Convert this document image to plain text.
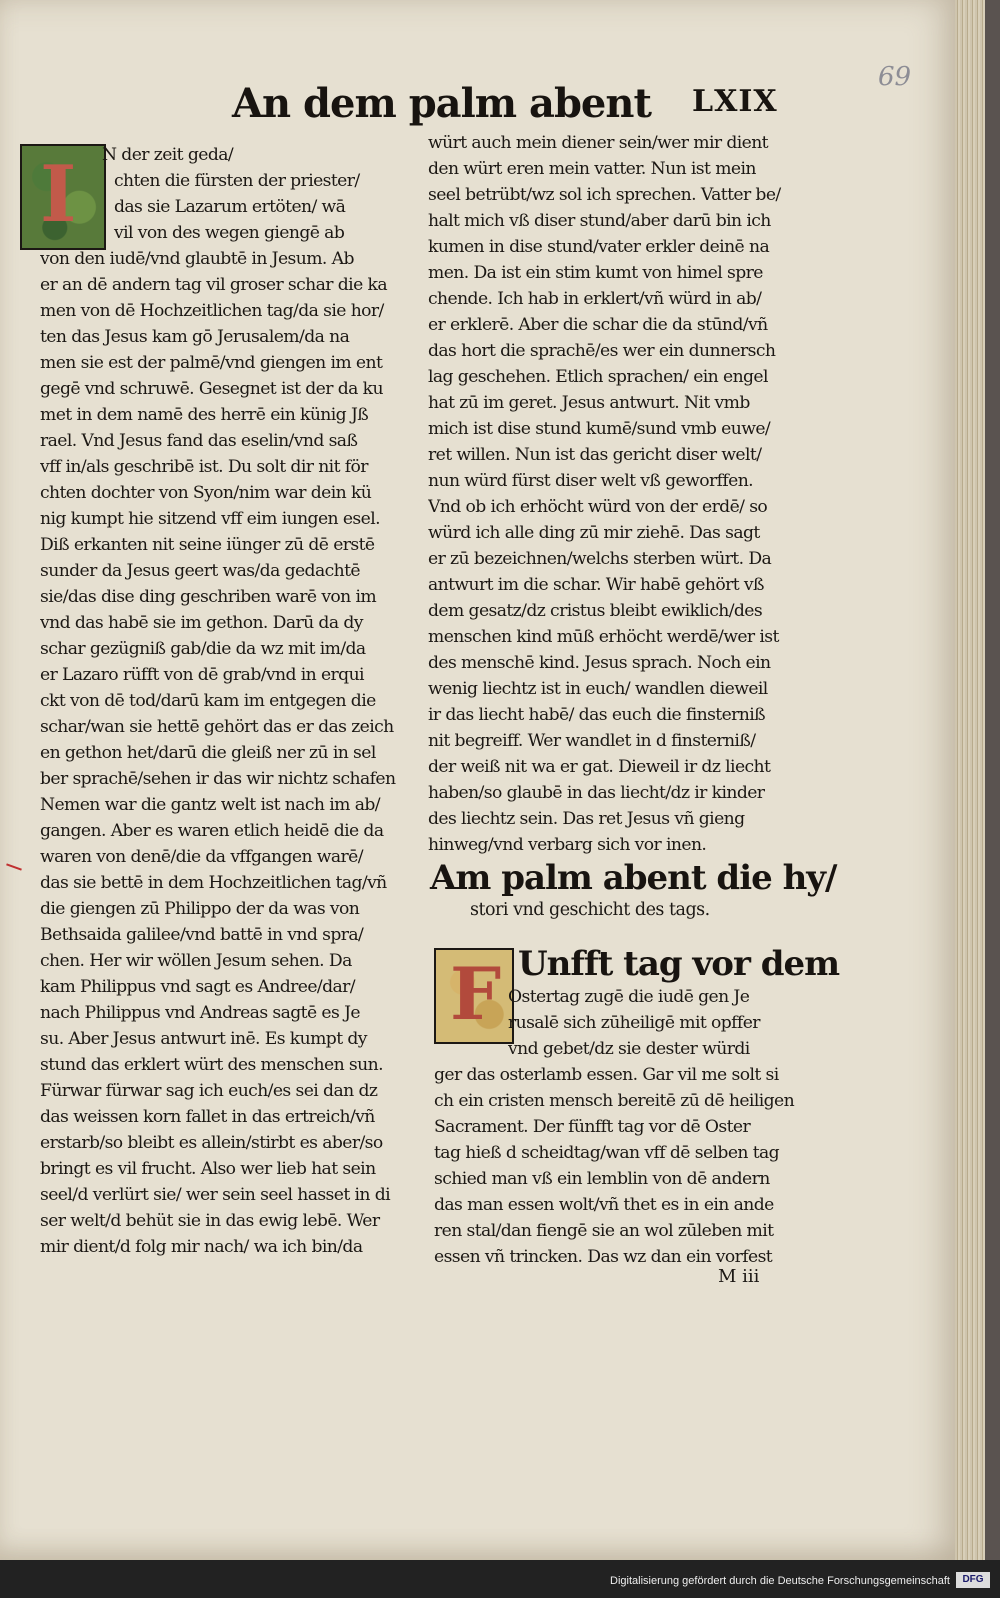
69
An dem palm abent LXIX
I	N der zeit geda/
chten die fürsten der priester/
das sie Lazarum ertöten/ wā
vil von des wegen giengē ab
von den iudē/vnd glaubtē in Jesum. Ab
er an dē andern tag vil groser schar die ka
men von dē Hochzeitlichen tag/da sie hor/
ten das Jesus kam gō Jerusalem/da na
men sie est der palmē/vnd giengen im ent
gegē vnd schruwē. Gesegnet ist der da ku
met in dem namē des herrē ein künig Jß
rael. Vnd Jesus fand das eselin/vnd saß
vff in/als geschribē ist. Du solt dir nit för
chten dochter von Syon/nim war dein kü
nig kumpt hie sitzend vff eim iungen esel.
Diß erkanten nit seine iünger zū dē erstē
sunder da Jesus geert was/da gedachtē
sie/das dise ding geschriben warē von im
vnd das habē sie im gethon. Darū da dy
schar gezügniß gab/die da wz mit im/da
er Lazaro rüfft von dē grab/vnd in erqui
ckt von dē tod/darū kam im entgegen die
schar/wan sie hettē gehört das er das zeich
en gethon het/darū die gleiß ner zū in sel
ber sprachē/sehen ir das wir nichtz schafen
Nemen war die gantz welt ist nach im ab/
gangen. Aber es waren etlich heidē die da
waren von denē/die da vffgangen warē/
das sie bettē in dem Hochzeitlichen tag/vñ
die giengen zū Philippo der da was von
Bethsaida galilee/vnd battē in vnd spra/
chen. Her wir wöllen Jesum sehen. Da
kam Philippus vnd sagt es Andree/dar/
nach Philippus vnd Andreas sagtē es Je
su. Aber Jesus antwurt inē. Es kumpt dy
stund das erklert würt des menschen sun.
Fürwar fürwar sag ich euch/es sei dan dz
das weissen korn fallet in das ertreich/vñ
erstarb/so bleibt es allein/stirbt es aber/so
bringt es vil frucht. Also wer lieb hat sein
seel/d verlürt sie/ wer sein seel hasset in di
ser welt/d behüt sie in das ewig lebē. Wer
mir dient/d folg mir nach/ wa ich bin/da
würt auch mein diener sein/wer mir dient
den würt eren mein vatter. Nun ist mein
seel betrübt/wz sol ich sprechen. Vatter be/
halt mich vß diser stund/aber darū bin ich
kumen in dise stund/vater erkler deinē na
men. Da ist ein stim kumt von himel spre
chende. Ich hab in erklert/vñ würd in ab/
er erklerē. Aber die schar die da stūnd/vñ
das hort die sprachē/es wer ein dunnersch
lag geschehen. Etlich sprachen/ ein engel
hat zū im geret. Jesus antwurt. Nit vmb
mich ist dise stund kumē/sund vmb euwe/
ret willen. Nun ist das gericht diser welt/
nun würd fürst diser welt vß geworffen.
Vnd ob ich erhöcht würd von der erdē/ so
würd ich alle ding zū mir ziehē. Das sagt
er zū bezeichnen/welchs sterben würt. Da
antwurt im die schar. Wir habē gehört vß
dem gesatz/dz cristus bleibt ewiklich/des
menschen kind mūß erhöcht werdē/wer ist
des menschē kind. Jesus sprach. Noch ein
wenig liechtz ist in euch/ wandlen dieweil
ir das liecht habē/ das euch die finsterniß
nit begreiff. Wer wandlet in d finsterniß/
der weiß nit wa er gat. Dieweil ir dz liecht
haben/so glaubē in das liecht/dz ir kinder
des liechtz sein. Das ret Jesus vñ gieng
hinweg/vnd verbarg sich vor inen.
Am palm abent die hy/
stori vnd geschicht des tags.
F Unfft tag vor dem
Ostertag zugē die iudē gen Je
rusalē sich zūheiligē mit opffer
vnd gebet/dz sie dester würdi
ger das osterlamb essen. Gar vil me solt si
ch ein cristen mensch bereitē zū dē heiligen
Sacrament. Der fünfft tag vor dē Oster
tag hieß d scheidtag/wan vff dē selben tag
schied man vß ein lemblin von dē andern
das man essen wolt/vñ thet es in ein ande
ren stal/dan fiengē sie an wol zūleben mit
essen vñ trincken. Das wz dan ein vorfest
M iii
Digitalisierung gefördert durch die Deutsche Forschungsgemeinschaft	DFG
